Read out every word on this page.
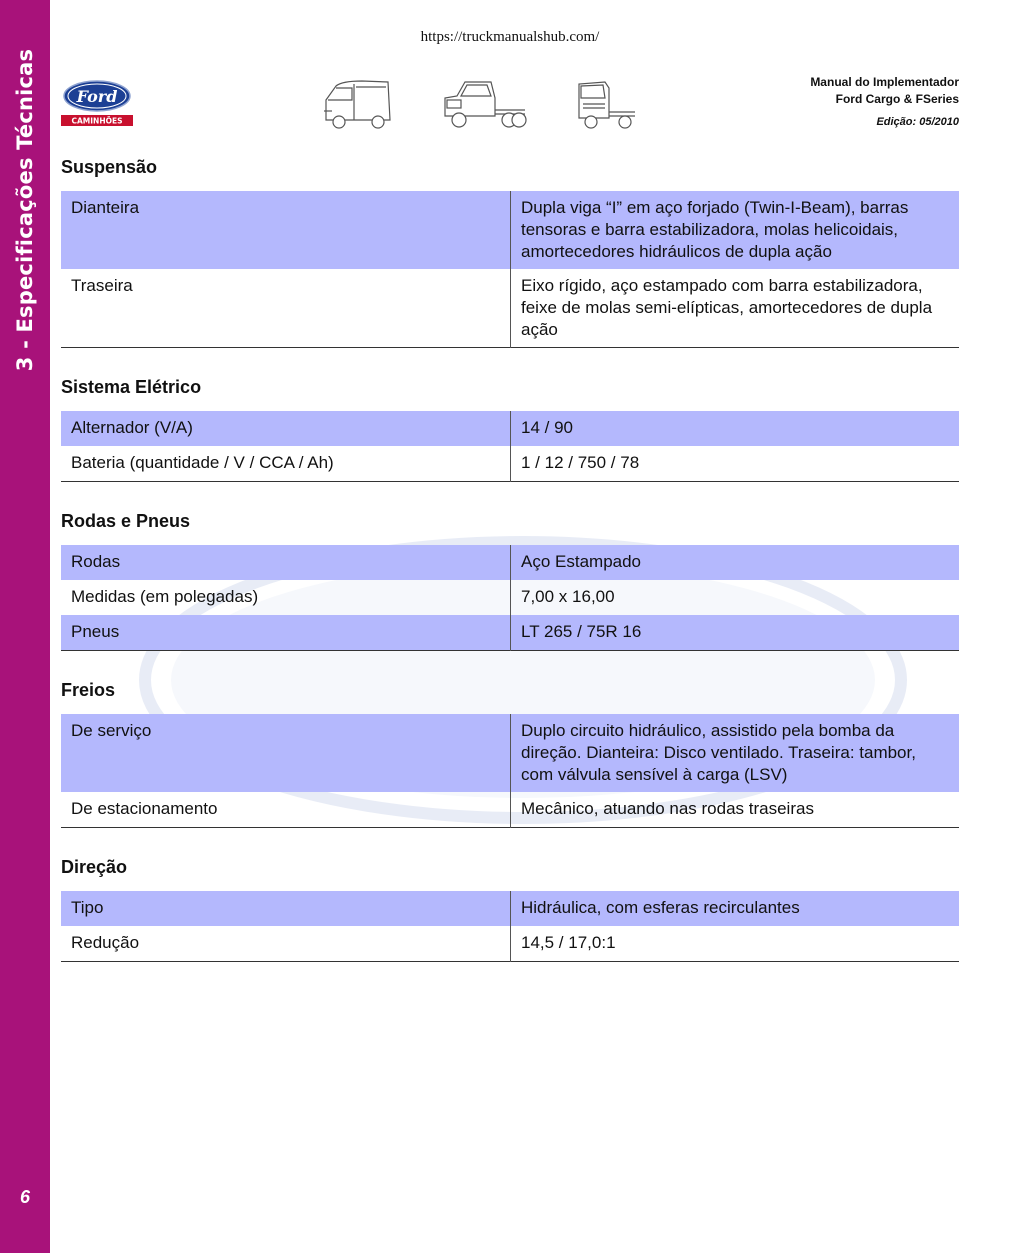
3 - Especificações Técnicas
6
https://truckmanualshub.com/
Ford
CAMINHÕES
Manual do Implementador
Ford Cargo & FSeries
Edição: 05/2010
Suspensão
Dianteira	Dupla viga “I” em aço forjado (Twin-I-Beam), barras tensoras e barra estabilizadora, molas helicoidais, amortecedores hidráulicos de dupla ação
Traseira	Eixo rígido, aço estampado com barra estabilizadora, feixe de molas semi-elípticas, amortecedores de dupla ação
Sistema Elétrico
Alternador (V/A)	14 / 90
Bateria (quantidade / V / CCA / Ah)	1 / 12 / 750 / 78
Rodas e Pneus
Rodas	Aço Estampado
Medidas (em polegadas)	7,00 x 16,00
Pneus	LT 265 / 75R 16
Freios
De serviço	Duplo circuito hidráulico, assistido pela bomba da direção. Dianteira: Disco ventilado. Traseira: tambor, com válvula sensível à carga (LSV)
De estacionamento	Mecânico, atuando nas rodas traseiras
Direção
Tipo	Hidráulica, com esferas recirculantes
Redução	14,5 / 17,0:1
